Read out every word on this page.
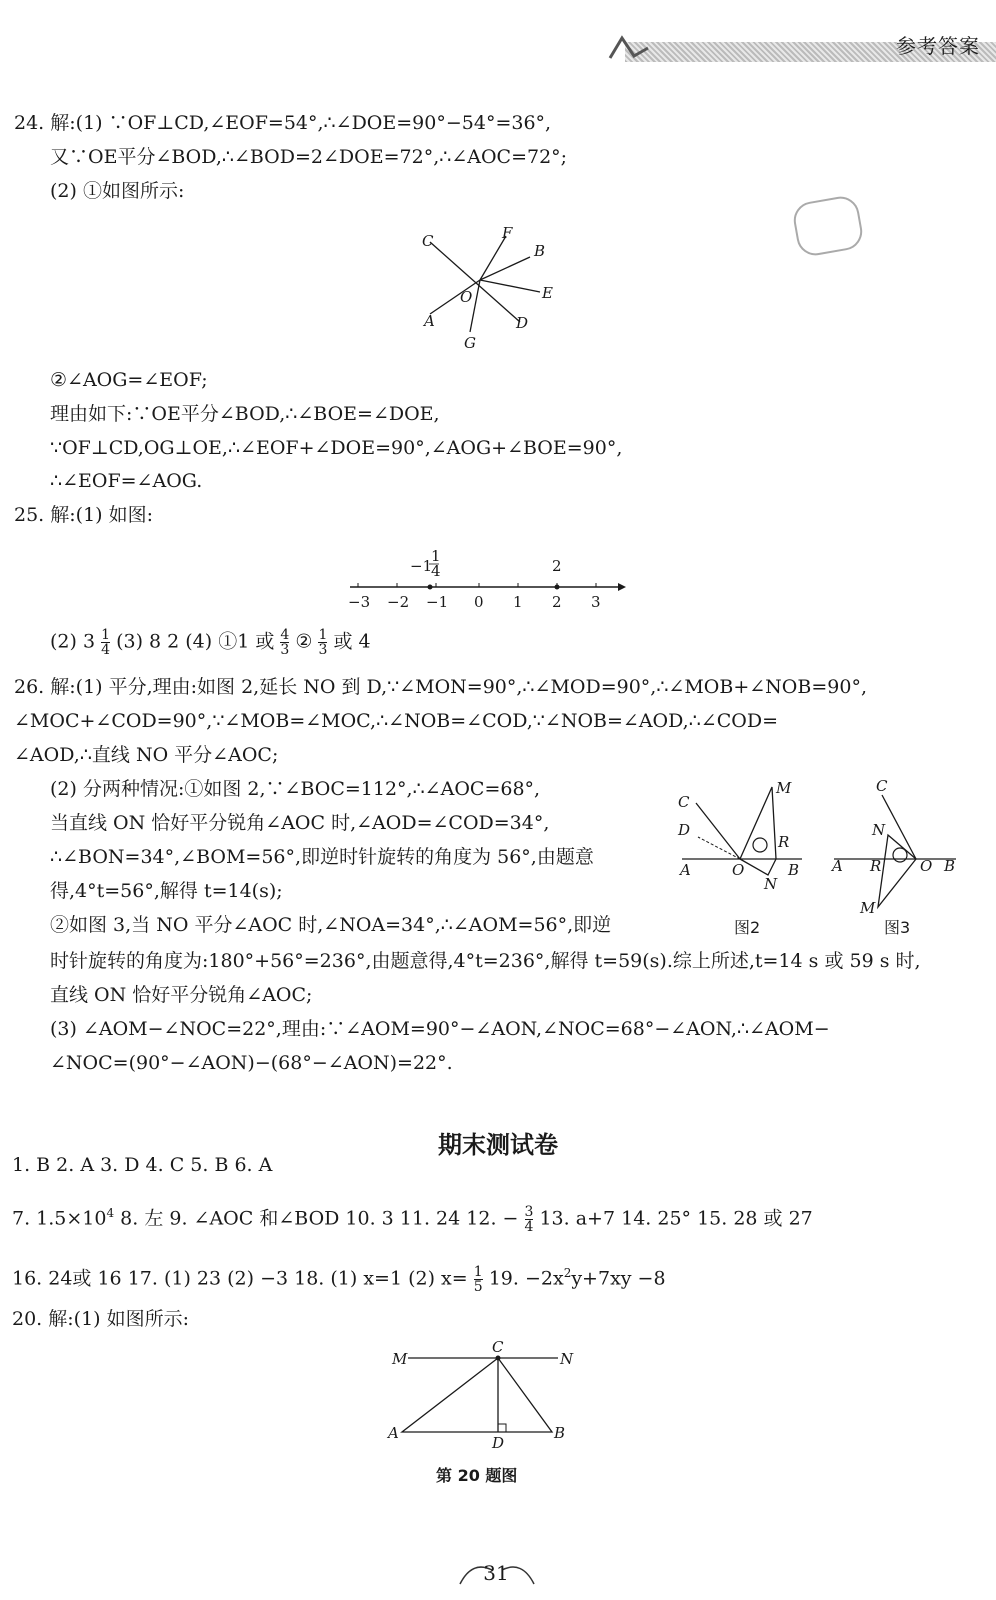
参考答案
24. 解:(1) ∵OF⊥CD,∠EOF=54°,∴∠DOE=90°−54°=36°,
又∵OE平分∠BOD,∴∠BOD=2∠DOE=72°,∴∠AOC=72°;
(2) ①如图所示:
C	F
B
O	E
A	D
G
②∠AOG=∠EOF;
理由如下:∵OE平分∠BOD,∴∠BOE=∠DOE,
∵OF⊥CD,OG⊥OE,∴∠EOF+∠DOE=90°,∠AOG+∠BOE=90°,
∴∠EOF=∠AOG.
25. 解:(1) 如图:
−1
1
4	2
−3 −2 −1 0 1 2 3
(2) $3 \frac{1}{4} (3)$ 8 2 (4) ①1 或 $\frac{4}{3}$ ② $\frac{1}{3}$ 或 4
26. 解:(1) 平分,理由:如图 2,延长 NO 到 D,∵∠MON=90°,∴∠MOD=90°,∴∠MOB+∠NOB=90°,
∠MOC+∠COD=90°,∵∠MOB=∠MOC,∴∠NOB=∠COD,∵∠NOB=∠AOD,∴∠COD=
∠AOD,∴直线 NO 平分∠AOC;
(2) 分两种情况:①如图 2,∵∠BOC=112°,∴∠AOC=68°,
当直线 ON 恰好平分锐角∠AOC 时,∠AOD=∠COD=34°,
∴∠BON=34°,∠BOM=56°,即逆时针旋转的角度为 56°,由题意
得,4°t=56°,解得 t=14(s);
②如图 3,当 NO 平分∠AOC 时,∠NOA=34°,∴∠AOM=56°,即逆
时针旋转的角度为:180°+56°=236°,由题意得,4°t=236°,解得 t=59(s).综上所述,t=14 s 或 59 s 时,
直线 ON 恰好平分锐角∠AOC;
(3) ∠AOM−∠NOC=22°,理由:∵∠AOM=90°−∠AON,∠NOC=68°−∠AON,∴∠AOM−
∠NOC=(90°−∠AON)−(68°−∠AON)=22°.
M
C
D
R
A	O	B
N
图2
C
N
A R	O B
M
图3
期末测试卷
1. B 2. A 3. D 4. C 5. B 6. A
7. $1.5\times 10^4$ 8. 左 9. ∠AOC 和∠BOD 10. 3 11. 24 12. − $\frac{3}{4} 13$. a+7 14. 25° 15. 28 或 27
16. 24或 16 17. (1) 23 (2) −3 18. (1) x=1 (2) $x= \frac{1}{5} 19$. $-2x^2y+7xy -8$
20. 解:(1) 如图所示:
M
C
N
A
D
B
第 20 题图
31
